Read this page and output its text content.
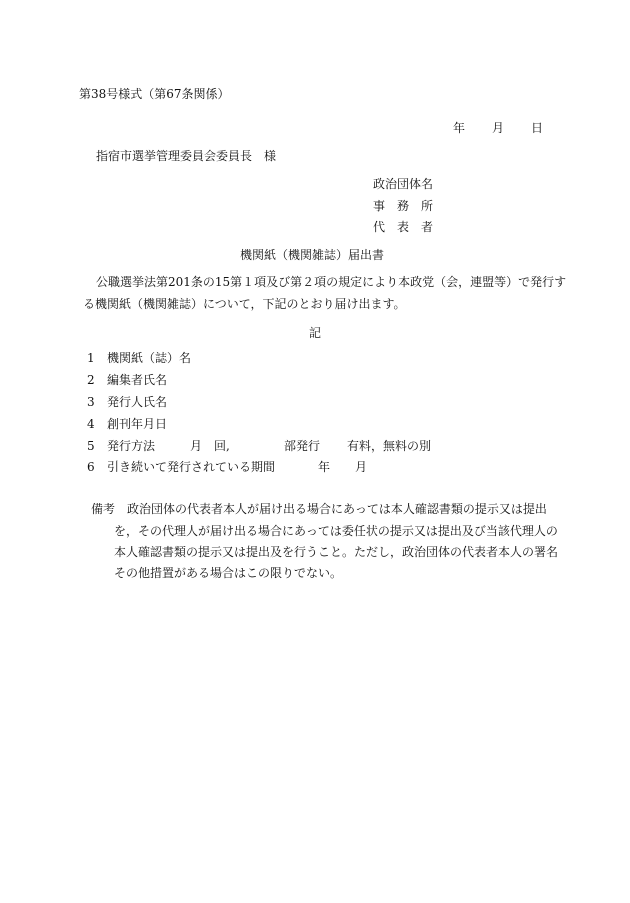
第38号様式（第67条関係）
年 月 日
指宿市選挙管理委員会委員長　様
政治団体名
事　務　所
代　表　者
機関紙（機関雑誌）届出書
公職選挙法第201条の15第１項及び第２項の規定により本政党（会，連盟等）で発行す
る機関紙（機関雑誌）について，下記のとおり届け出ます。
記
1 機関紙（誌）名
2 編集者氏名
3 発行人氏名
4 創刊年月日
5 発行方法	月　回,	部発行 有料，無料の別
6 引き続いて発行されている期間	年 月
備考 政治団体の代表者本人が届け出る場合にあっては本人確認書類の提示又は提出
を，その代理人が届け出る場合にあっては委任状の提示又は提出及び当該代理人の
本人確認書類の提示又は提出及を行うこと。ただし，政治団体の代表者本人の署名
その他措置がある場合はこの限りでない。
